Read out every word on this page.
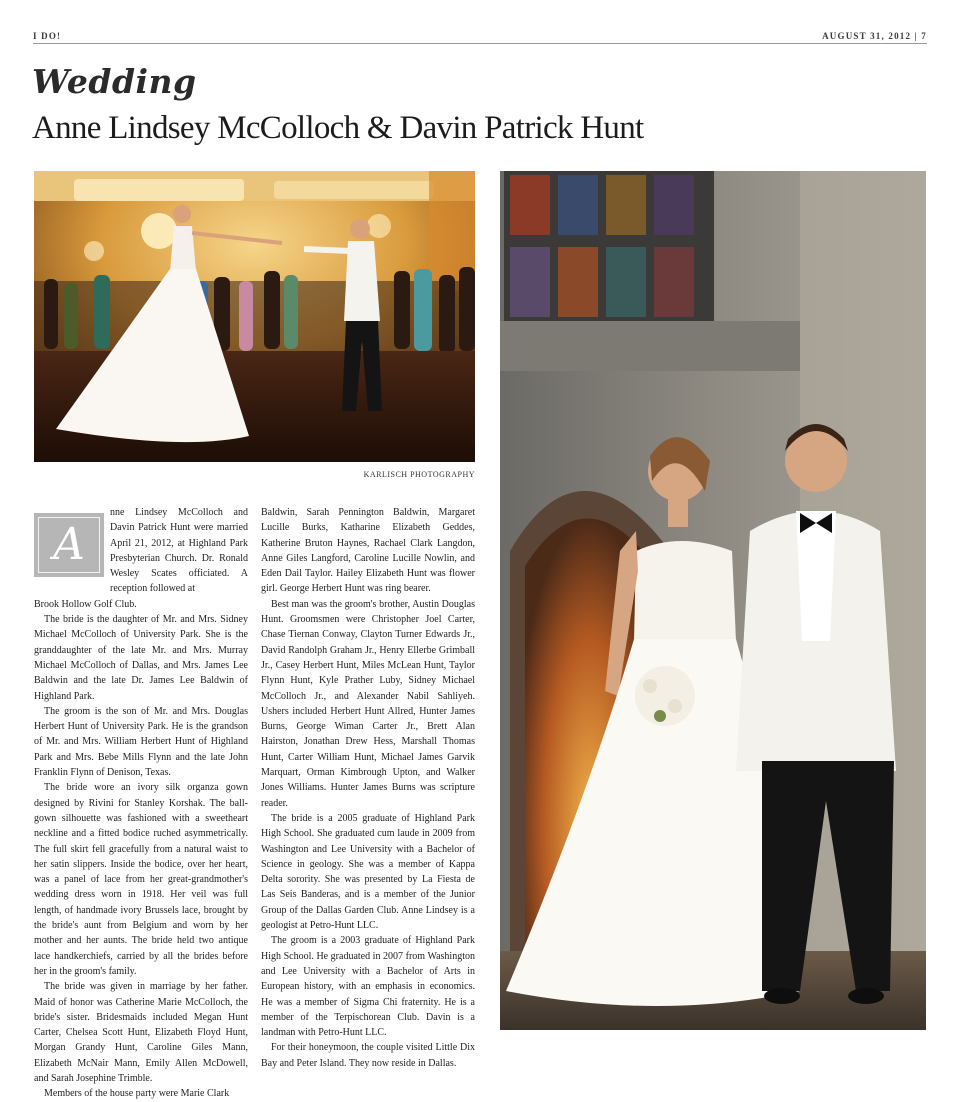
I DO!	AUGUST 31, 2012 | 7
Wedding
Anne Lindsey McColloch & Davin Patrick Hunt
KARLISCH PHOTOGRAPHY
A

nne Lindsey McColloch and Davin Patrick Hunt were married April 21, 2012, at Highland Park Presbyterian Church. Dr. Ronald Wesley Scates officiated. A reception followed at

Brook Hollow Golf Club.

The bride is the daughter of Mr. and Mrs. Sidney Michael McColloch of University Park. She is the granddaughter of the late Mr. and Mrs. Murray Michael McColloch of Dallas, and Mrs. James Lee Baldwin and the late Dr. James Lee Baldwin of Highland Park.

The groom is the son of Mr. and Mrs. Douglas Herbert Hunt of University Park. He is the grandson of Mr. and Mrs. William Herbert Hunt of Highland Park and Mrs. Bebe Mills Flynn and the late John Franklin Flynn of Denison, Texas.

The bride wore an ivory silk organza gown designed by Rivini for Stanley Korshak. The ball-gown silhouette was fashioned with a sweetheart neckline and a fitted bodice ruched asymmetrically. The full skirt fell gracefully from a natural waist to her satin slippers. Inside the bodice, over her heart, was a panel of lace from her great-grandmother's wedding dress worn in 1918. Her veil was full length, of handmade ivory Brussels lace, brought by the bride's aunt from Belgium and worn by her mother and her aunts. The bride held two antique lace handkerchiefs, carried by all the brides before her in the groom's family.

The bride was given in marriage by her father. Maid of honor was Catherine Marie McColloch, the bride's sister. Bridesmaids included Megan Hunt Carter, Chelsea Scott Hunt, Elizabeth Floyd Hunt, Morgan Grandy Hunt, Caroline Giles Mann, Elizabeth McNair Mann, Emily Allen McDowell, and Sarah Josephine Trimble.

Members of the house party were Marie Clark

Baldwin, Sarah Pennington Baldwin, Margaret Lucille Burks, Katharine Elizabeth Geddes, Katherine Bruton Haynes, Rachael Clark Langdon, Anne Giles Langford, Caroline Lucille Nowlin, and Eden Dail Taylor. Hailey Elizabeth Hunt was flower girl. George Herbert Hunt was ring bearer.

Best man was the groom's brother, Austin Douglas Hunt. Groomsmen were Christopher Joel Carter, Chase Tiernan Conway, Clayton Turner Edwards Jr., David Randolph Graham Jr., Henry Ellerbe Grimball Jr., Casey Herbert Hunt, Miles McLean Hunt, Taylor Flynn Hunt, Kyle Prather Luby, Sidney Michael McColloch Jr., and Alexander Nabil Sahliyeh. Ushers included Herbert Hunt Allred, Hunter James Burns, George Wiman Carter Jr., Brett Alan Hairston, Jonathan Drew Hess, Marshall Thomas Hunt, Carter William Hunt, Michael James Garvik Marquart, Orman Kimbrough Upton, and Walker Jones Williams. Hunter James Burns was scripture reader.

The bride is a 2005 graduate of Highland Park High School. She graduated cum laude in 2009 from Washington and Lee University with a Bachelor of Science in geology. She was a member of Kappa Delta sorority. She was presented by La Fiesta de Las Seis Banderas, and is a member of the Junior Group of the Dallas Garden Club. Anne Lindsey is a geologist at Petro-Hunt LLC.

The groom is a 2003 graduate of Highland Park High School. He graduated in 2007 from Washington and Lee University with a Bachelor of Arts in European history, with an emphasis in economics. He was a member of Sigma Chi fraternity. He is a member of the Terpischorean Club. Davin is a landman with Petro-Hunt LLC.

For their honeymoon, the couple visited Little Dix Bay and Peter Island. They now reside in Dallas.
